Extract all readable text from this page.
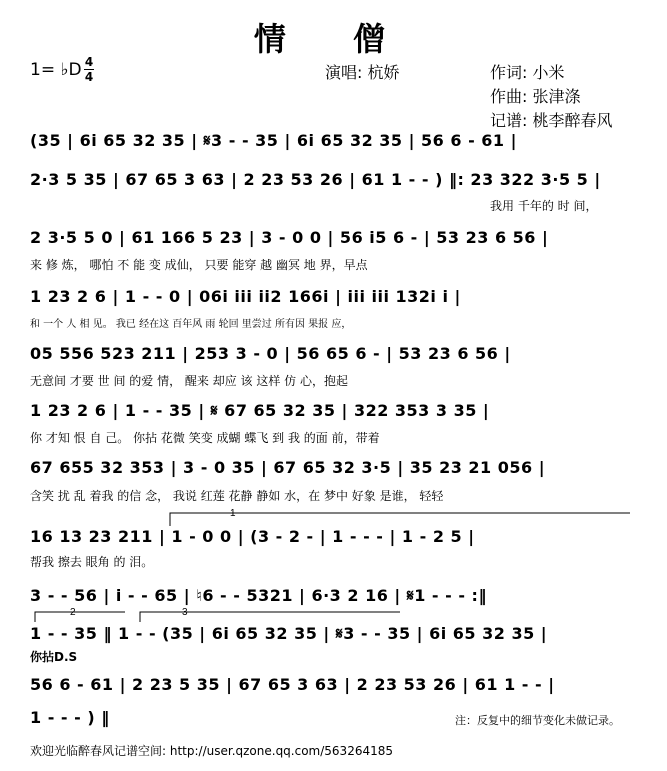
情 僧
1= ♭D 4
4	演唱: 杭娇	作词: 小米
作曲: 张津涤
记谱: 桃李醉春风
(35 | 6i 65 32 35 | 𝄋3 - - 35 | 6i 65 32 35 | 56 6 - 61 |
2·3 5 35 | 67 65 3 63 | 2 23 53 26 | 61 1 - - ) ‖: 23 322 3·5 5 |
我用 千年的 时 间，
2 3·5 5 0 | 61 166 5 23 | 3 - 0 0 | 56 i5 6 - | 53 23 6 56 |
来 修 炼， 哪怕 不 能 变 成仙， 只要 能穿 越 幽冥 地 界，早点
1 23 2 6 | 1 - - 0 | 06i iii ii2 166i | iii iii 132i i |
和 一个 人 相 见。 我已 经在这 百年风 雨 轮回 里尝过 所有因 果报 应，
05 556 523 211 | 253 3 - 0 | 56 65 6 - | 53 23 6 56 |
无意间 才要 世 间 的爱 情， 醒来 却应 该 这样 仿 心，抱起
1 23 2 6 | 1 - - 35 | 𝄋 67 65 32 35 | 322 353 3 35 |
你 才知 恨 自 己。 你拈 花微 笑变 成蝴 蝶飞 到 我 的面 前，带着
67 655 32 353 | 3 - 0 35 | 67 65 32 3·5 | 35 23 21 056 |
含笑 扰 乱 着我 的信 念， 我说 红莲 花静 静如 水，在 梦中 好象 是谁， 轻轻
16 13 23 211 | 1 - 0 0 | (3 - 2 - | 1 - - - | 1 - 2 5 |
帮我 擦去 眼角 的 泪。
3 - - 56 | i - - 65 | ♮6 - - 5321 | 6·3 2 16 | 𝄋1 - - - :‖
1 - - 35 ‖ 1 - - (35 | 6i 65 32 35 | 𝄋3 - - 35 | 6i 65 32 35 |
你拈D.S
56 6 - 61 | 2 23 5 35 | 67 65 3 63 | 2 23 53 26 | 61 1 - - |
1 - - - ) ‖	注：反复中的细节变化未做记录。
欢迎光临醉春风记谱空间: http://user.qzone.qq.com/563264185
1
2	3
